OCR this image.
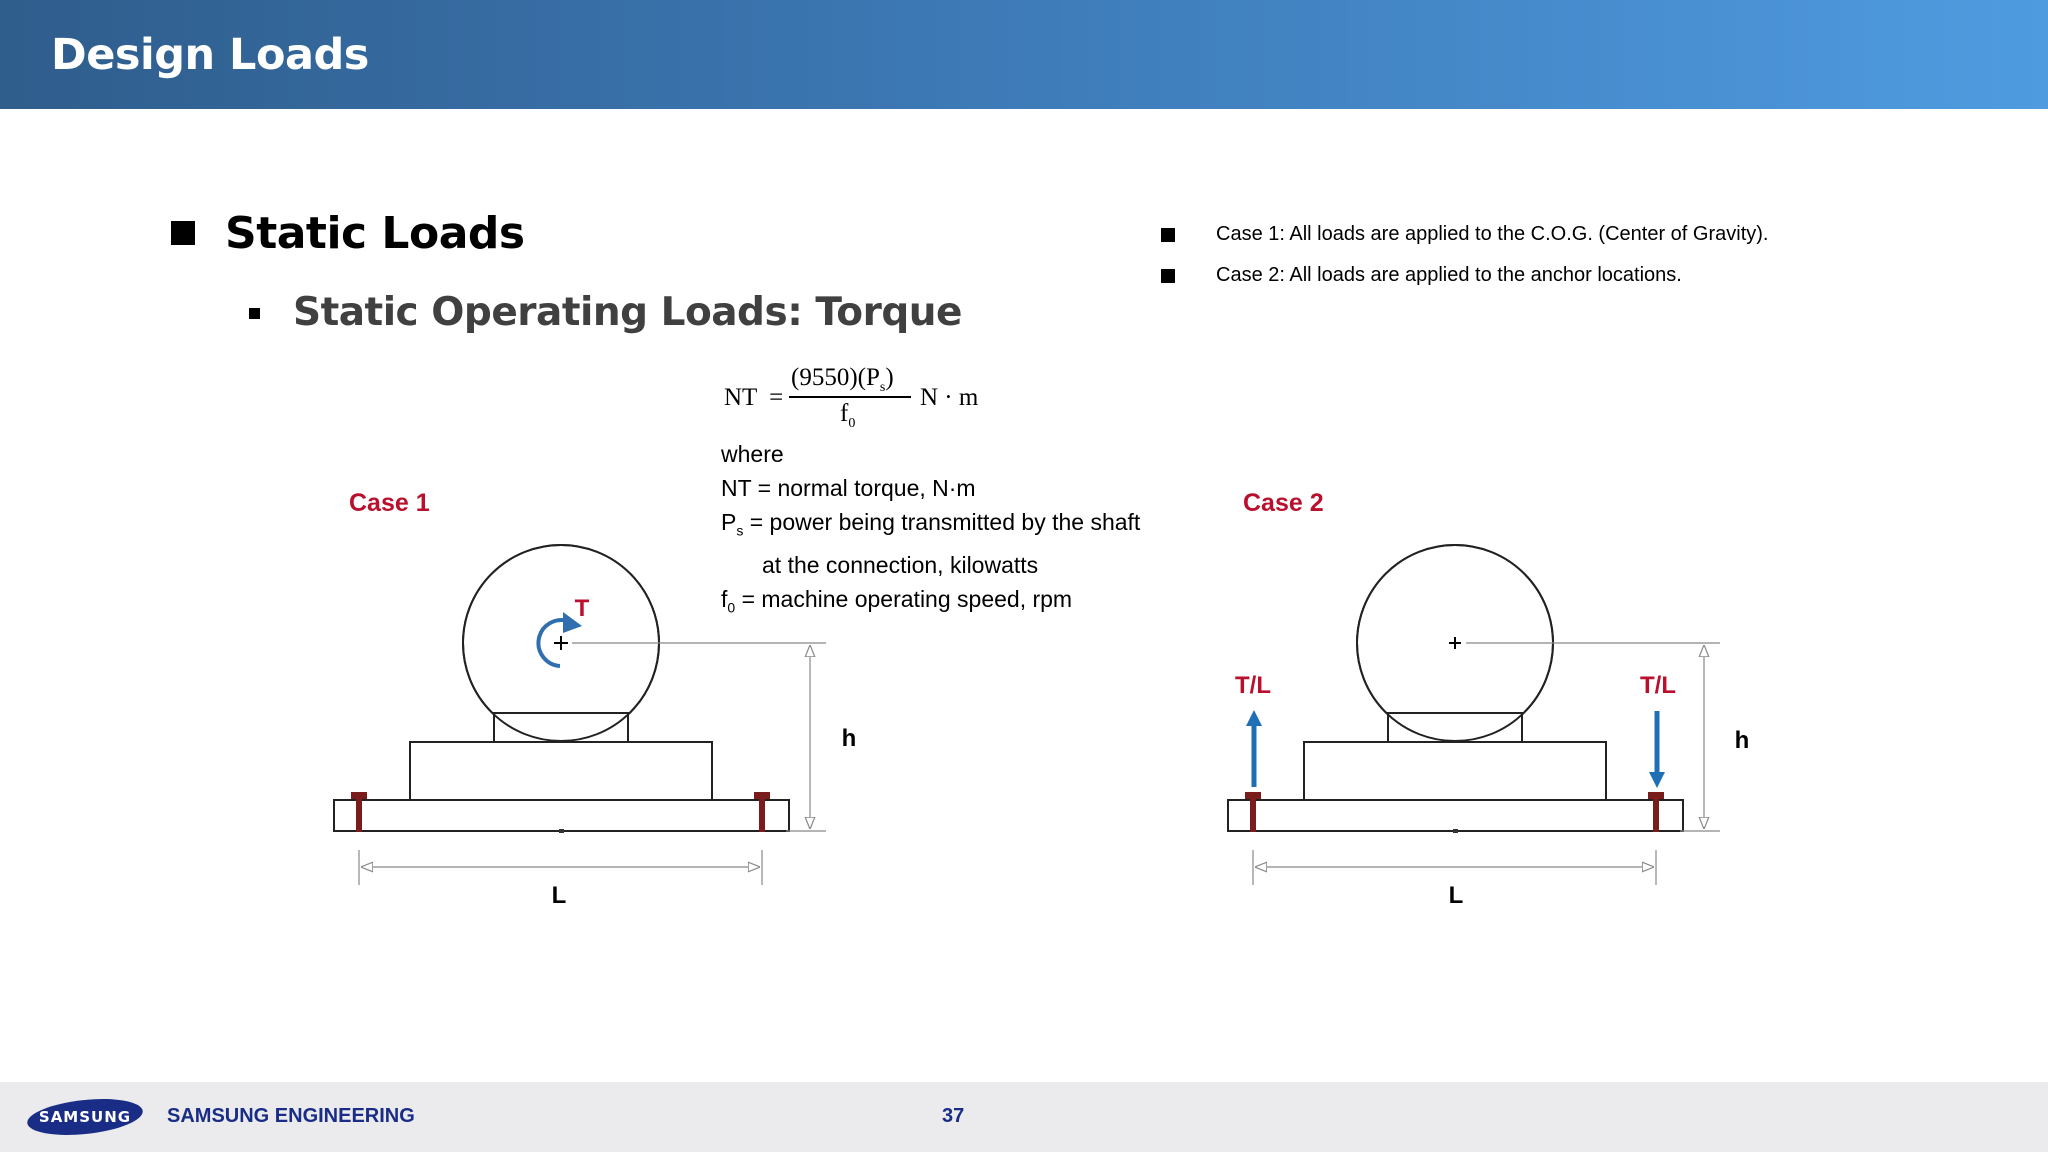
Design Loads
Static Loads
Static Operating Loads: Torque
Case 1: All loads are applied to the C.O.G. (Center of Gravity).
Case 2: All loads are applied to the anchor locations.
NT =
$(9550)(P_s)$
$f_0$
N · m
where
NT = normal torque, N·m
$P_s$ = power being transmitted by the shaft
at the connection, kilowatts
$f_0$ = machine operating speed, rpm
Case 1	Case 2
T
h
L
T/L	T/L
h
L
SAMSUNG SAMSUNG ENGINEERING	37
